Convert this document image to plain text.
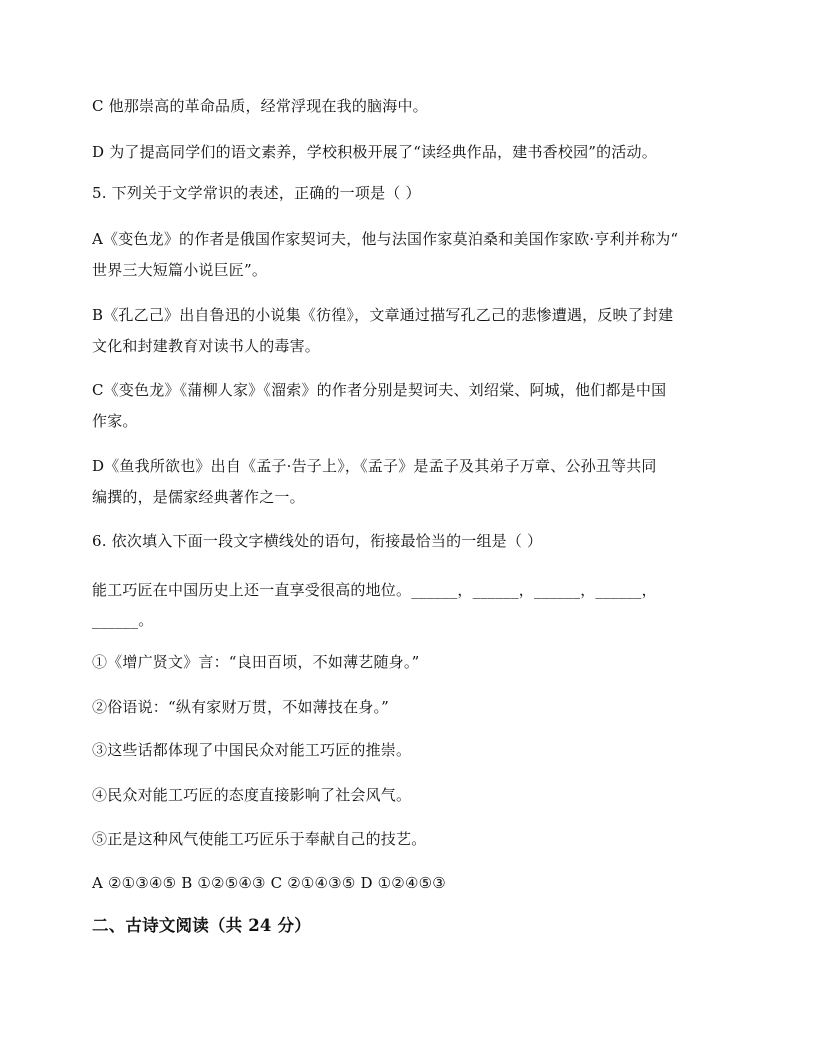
C 他那崇高的革命品质，经常浮现在我的脑海中。
D 为了提高同学们的语文素养，学校积极开展了“读经典作品，建书香校园”的活动。
5. 下列关于文学常识的表述，正确的一项是（ ）
A《变色龙》的作者是俄国作家契诃夫，他与法国作家莫泊桑和美国作家欧·亨利并称为“
世界三大短篇小说巨匠”。
B《孔乙己》出自鲁迅的小说集《彷徨》，文章通过描写孔乙己的悲惨遭遇，反映了封建
文化和封建教育对读书人的毒害。
C《变色龙》《蒲柳人家》《溜索》的作者分别是契诃夫、刘绍棠、阿城，他们都是中国
作家。
D《鱼我所欲也》出自《孟子·告子上》，《孟子》是孟子及其弟子万章、公孙丑等共同
编撰的，是儒家经典著作之一。
6. 依次填入下面一段文字横线处的语句，衔接最恰当的一组是（ ）
能工巧匠在中国历史上还一直享受很高的地位。______，______，______，______，
______。
①《增广贤文》言：“良田百顷，不如薄艺随身。”
②俗语说：“纵有家财万贯，不如薄技在身。”
③这些话都体现了中国民众对能工巧匠的推崇。
④民众对能工巧匠的态度直接影响了社会风气。
⑤正是这种风气使能工巧匠乐于奉献自己的技艺。
A ②①③④⑤ B ①②⑤④③ C ②①④③⑤ D ①②④⑤③
二、古诗文阅读（共 24 分）
